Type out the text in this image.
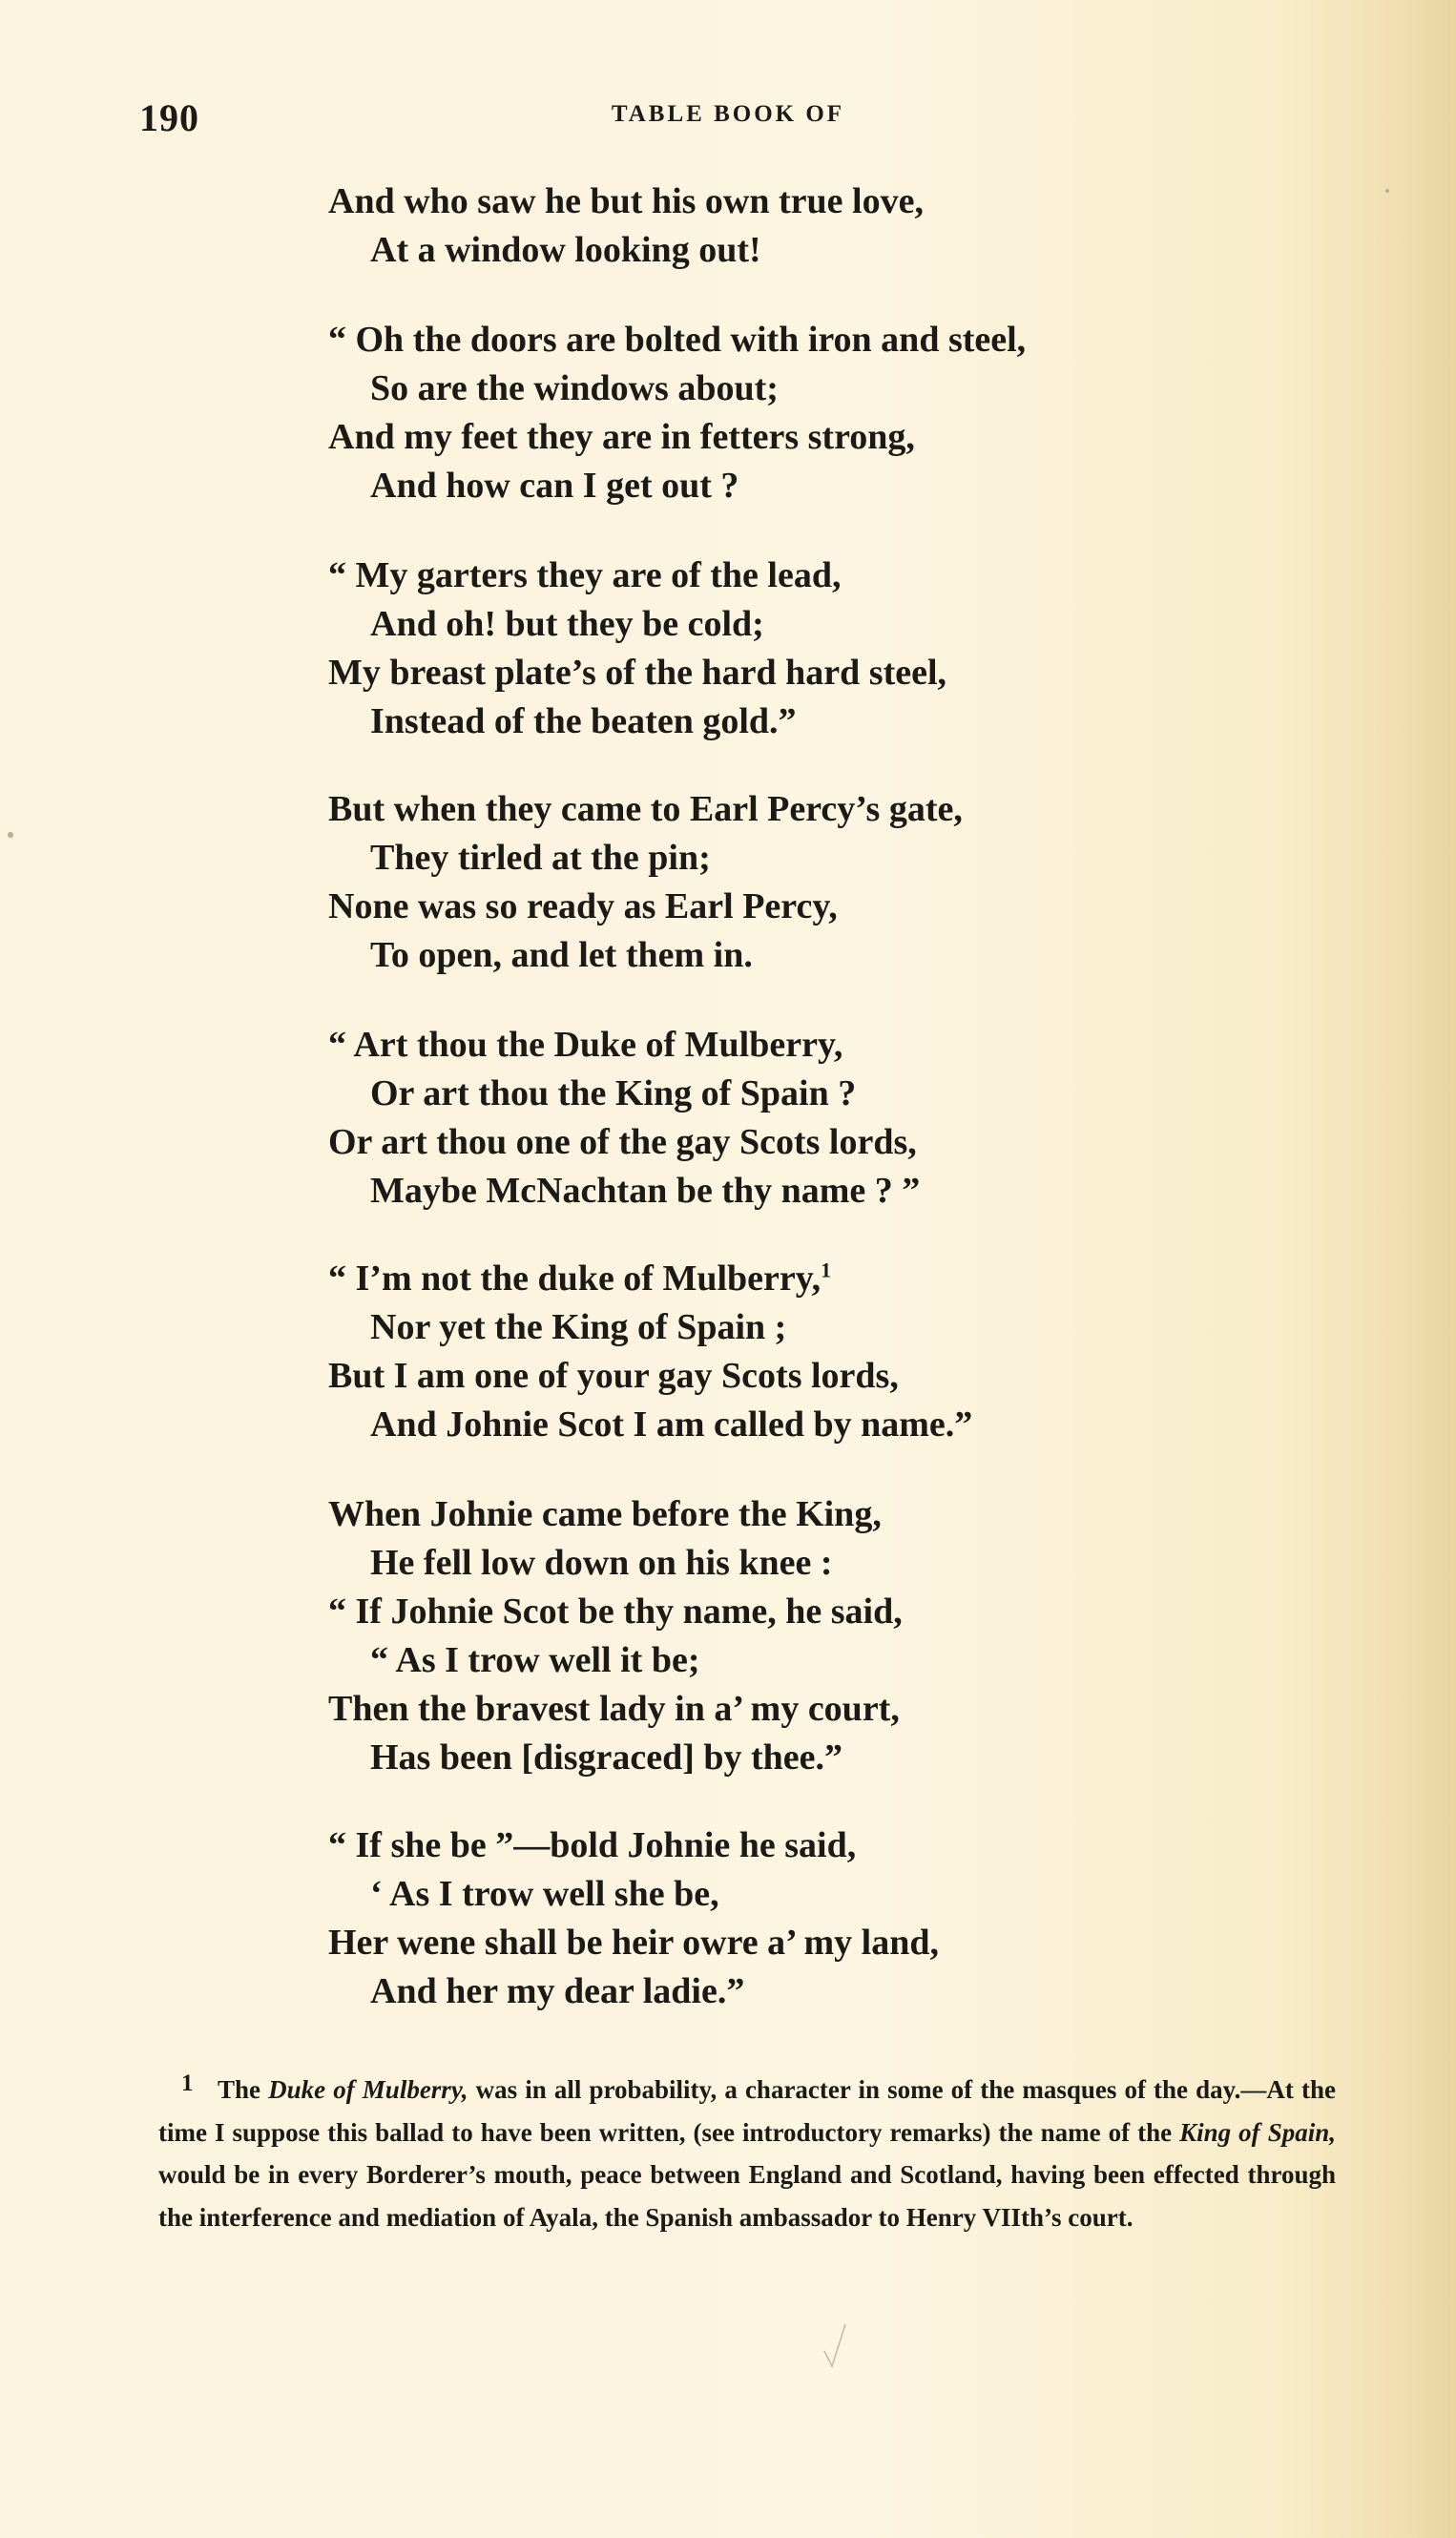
190	TABLE BOOK OF
And who saw he but his own true love,
At a window looking out!
“ Oh the doors are bolted with iron and steel,
So are the windows about;
And my feet they are in fetters strong,
And how can I get out ?
“ My garters they are of the lead,
And oh! but they be cold;
My breast plate’s of the hard hard steel,
Instead of the beaten gold.”
But when they came to Earl Percy’s gate,
They tirled at the pin;
None was so ready as Earl Percy,
To open, and let them in.
“ Art thou the Duke of Mulberry,
Or art thou the King of Spain ?
Or art thou one of the gay Scots lords,
Maybe McNachtan be thy name ? ”
“ I’m not the duke of Mulberry,$^1$
Nor yet the King of Spain ;
But I am one of your gay Scots lords,
And Johnie Scot I am called by name.”
When Johnie came before the King,
He fell low down on his knee :
“ If Johnie Scot be thy name, he said,
“ As I trow well it be;
Then the bravest lady in a’ my court,
Has been [disgraced] by thee.”
“ If she be ”—bold Johnie he said,
‘ As I trow well she be,
Her wene shall be heir owre a’ my land,
And her my dear ladie.”
1 The Duke of Mulberry, was in all probability, a character in some of the masques of the day.—At the time I suppose this ballad to have been written, (see introductory remarks) the name of the King of Spain, would be in every Borderer’s mouth, peace between England and Scotland, having been effected through the interference and mediation of Ayala, the Spanish ambassador to Henry VIIth’s court.
